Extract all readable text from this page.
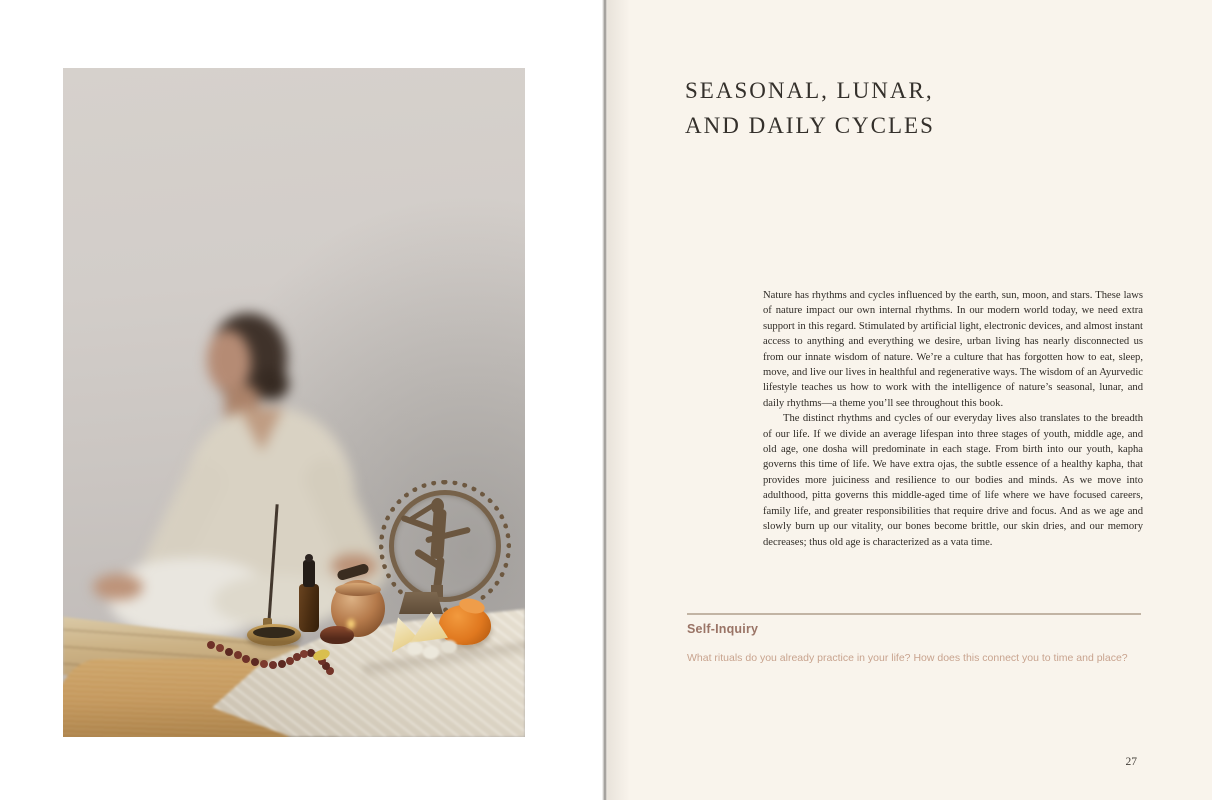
SEASONAL, LUNAR,
AND DAILY CYCLES

Nature has rhythms and cycles influenced by the earth, sun, moon, and stars. These laws of nature impact our own internal rhythms. In our modern world today, we need extra support in this regard. Stimulated by artificial light, electronic devices, and almost instant access to anything and everything we desire, urban living has nearly disconnected us from our innate wisdom of nature. We’re a culture that has forgotten how to eat, sleep, move, and live our lives in healthful and regenerative ways. The wisdom of an Ayurvedic lifestyle teaches us how to work with the intelligence of nature’s seasonal, lunar, and daily rhythms—a theme you’ll see throughout this book.

The distinct rhythms and cycles of our everyday lives also translates to the breadth of our life. If we divide an average lifespan into three stages of youth, middle age, and old age, one dosha will predominate in each stage. From birth into our youth, kapha governs this time of life. We have extra ojas, the subtle essence of a healthy kapha, that provides more juiciness and resilience to our bodies and minds. As we move into adulthood, pitta governs this middle-aged time of life where we have focused careers, family life, and greater responsibilities that require drive and focus. And as we age and slowly burn up our vitality, our bones become brittle, our skin dries, and our memory decreases; thus old age is characterized as a vata time.

Self-Inquiry
What rituals do you already practice in your life? How does this connect you to time and place?
27
